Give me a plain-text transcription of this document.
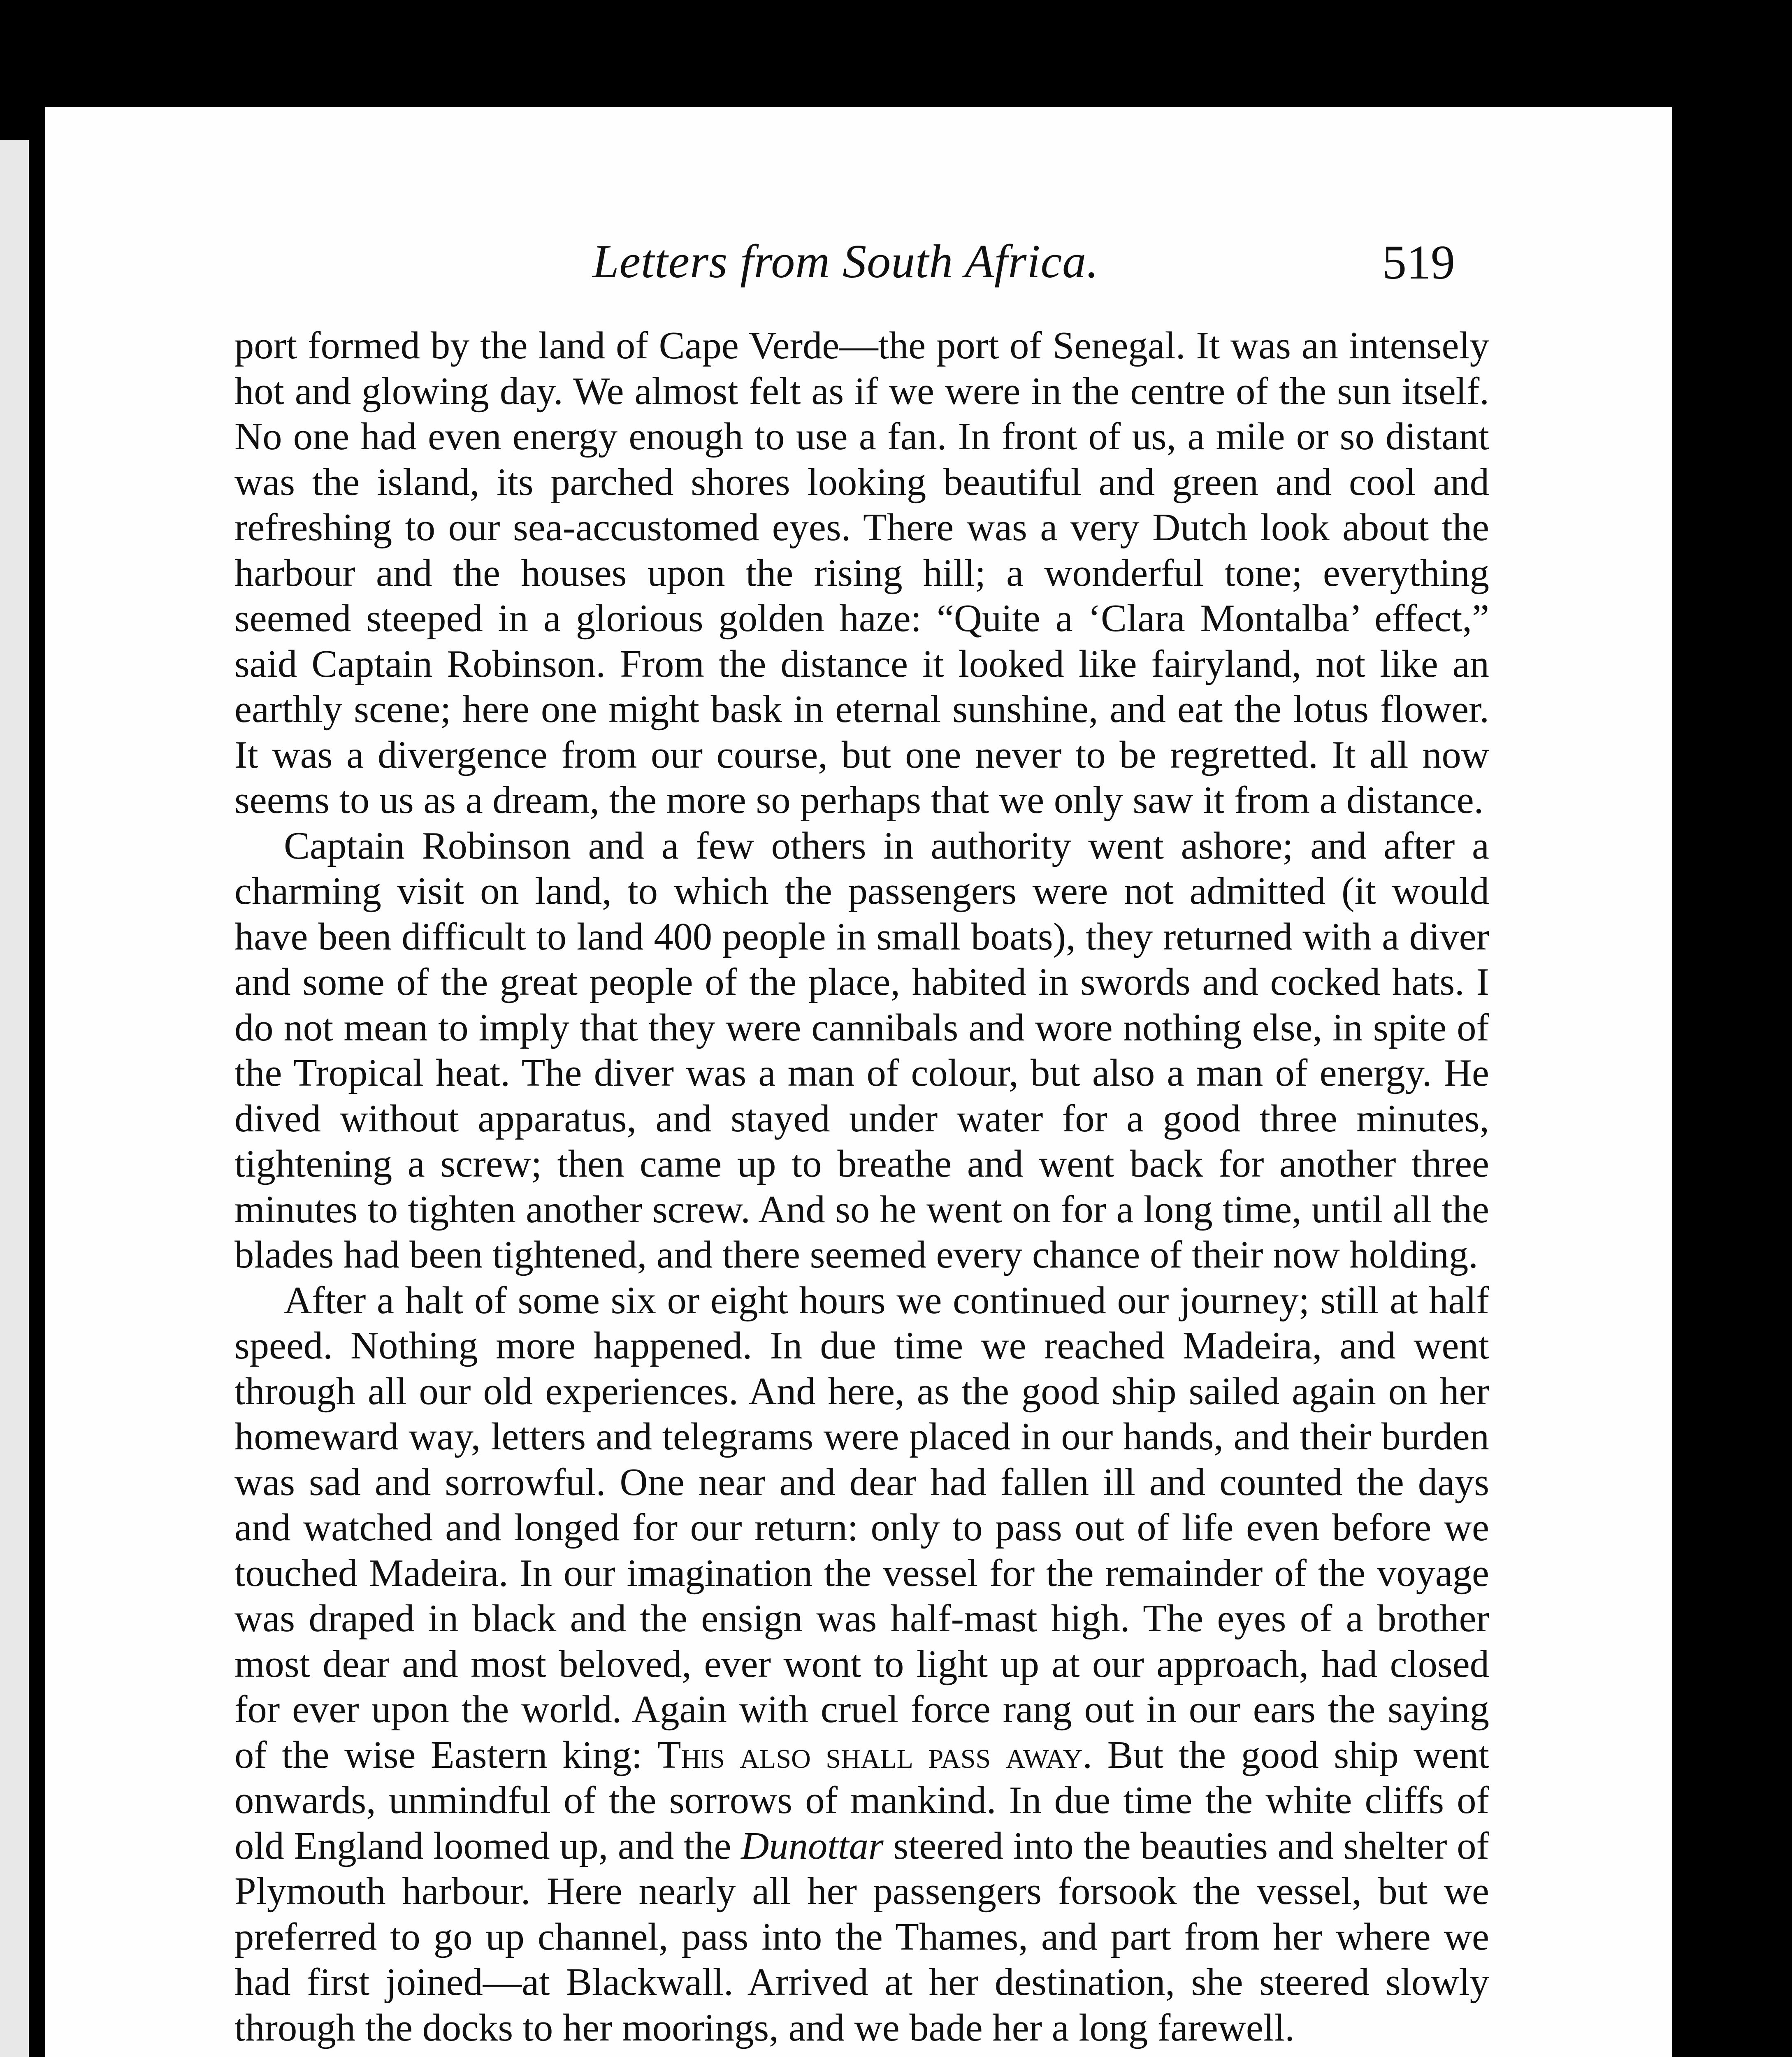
Letters from South Africa.	519

port formed by the land of Cape Verde—the port of Senegal. It was an intensely hot and glowing day. We almost felt as if we were in the centre of the sun itself. No one had even energy enough to use a fan. In front of us, a mile or so distant was the island, its parched shores looking beautiful and green and cool and refreshing to our sea-accustomed eyes. There was a very Dutch look about the harbour and the houses upon the rising hill; a wonderful tone; everything seemed steeped in a glorious golden haze: “Quite a ‘Clara Montalba’ effect,” said Captain Robinson. From the distance it looked like fairyland, not like an earthly scene; here one might bask in eternal sunshine, and eat the lotus flower. It was a divergence from our course, but one never to be regretted. It all now seems to us as a dream, the more so perhaps that we only saw it from a distance.

Captain Robinson and a few others in authority went ashore; and after a charming visit on land, to which the passengers were not admitted (it would have been difficult to land 400 people in small boats), they returned with a diver and some of the great people of the place, habited in swords and cocked hats. I do not mean to imply that they were cannibals and wore nothing else, in spite of the Tropical heat. The diver was a man of colour, but also a man of energy. He dived without apparatus, and stayed under water for a good three minutes, tightening a screw; then came up to breathe and went back for another three minutes to tighten another screw. And so he went on for a long time, until all the blades had been tightened, and there seemed every chance of their now holding.

After a halt of some six or eight hours we continued our journey; still at half speed. Nothing more happened. In due time we reached Madeira, and went through all our old experiences. And here, as the good ship sailed again on her homeward way, letters and telegrams were placed in our hands, and their burden was sad and sorrowful. One near and dear had fallen ill and counted the days and watched and longed for our return: only to pass out of life even before we touched Madeira. In our imagination the vessel for the remainder of the voyage was draped in black and the ensign was half-mast high. The eyes of a brother most dear and most beloved, ever wont to light up at our approach, had closed for ever upon the world. Again with cruel force rang out in our ears the saying of the wise Eastern king: This also shall pass away. But the good ship went onwards, unmindful of the sorrows of mankind. In due time the white cliffs of old England loomed up, and the Dunottar steered into the beauties and shelter of Plymouth harbour. Here nearly all her passengers forsook the vessel, but we preferred to go up channel, pass into the Thames, and part from her where we had first joined—at Blackwall. Arrived at her destination, she steered slowly through the docks to her moorings, and we bade her a long farewell.
